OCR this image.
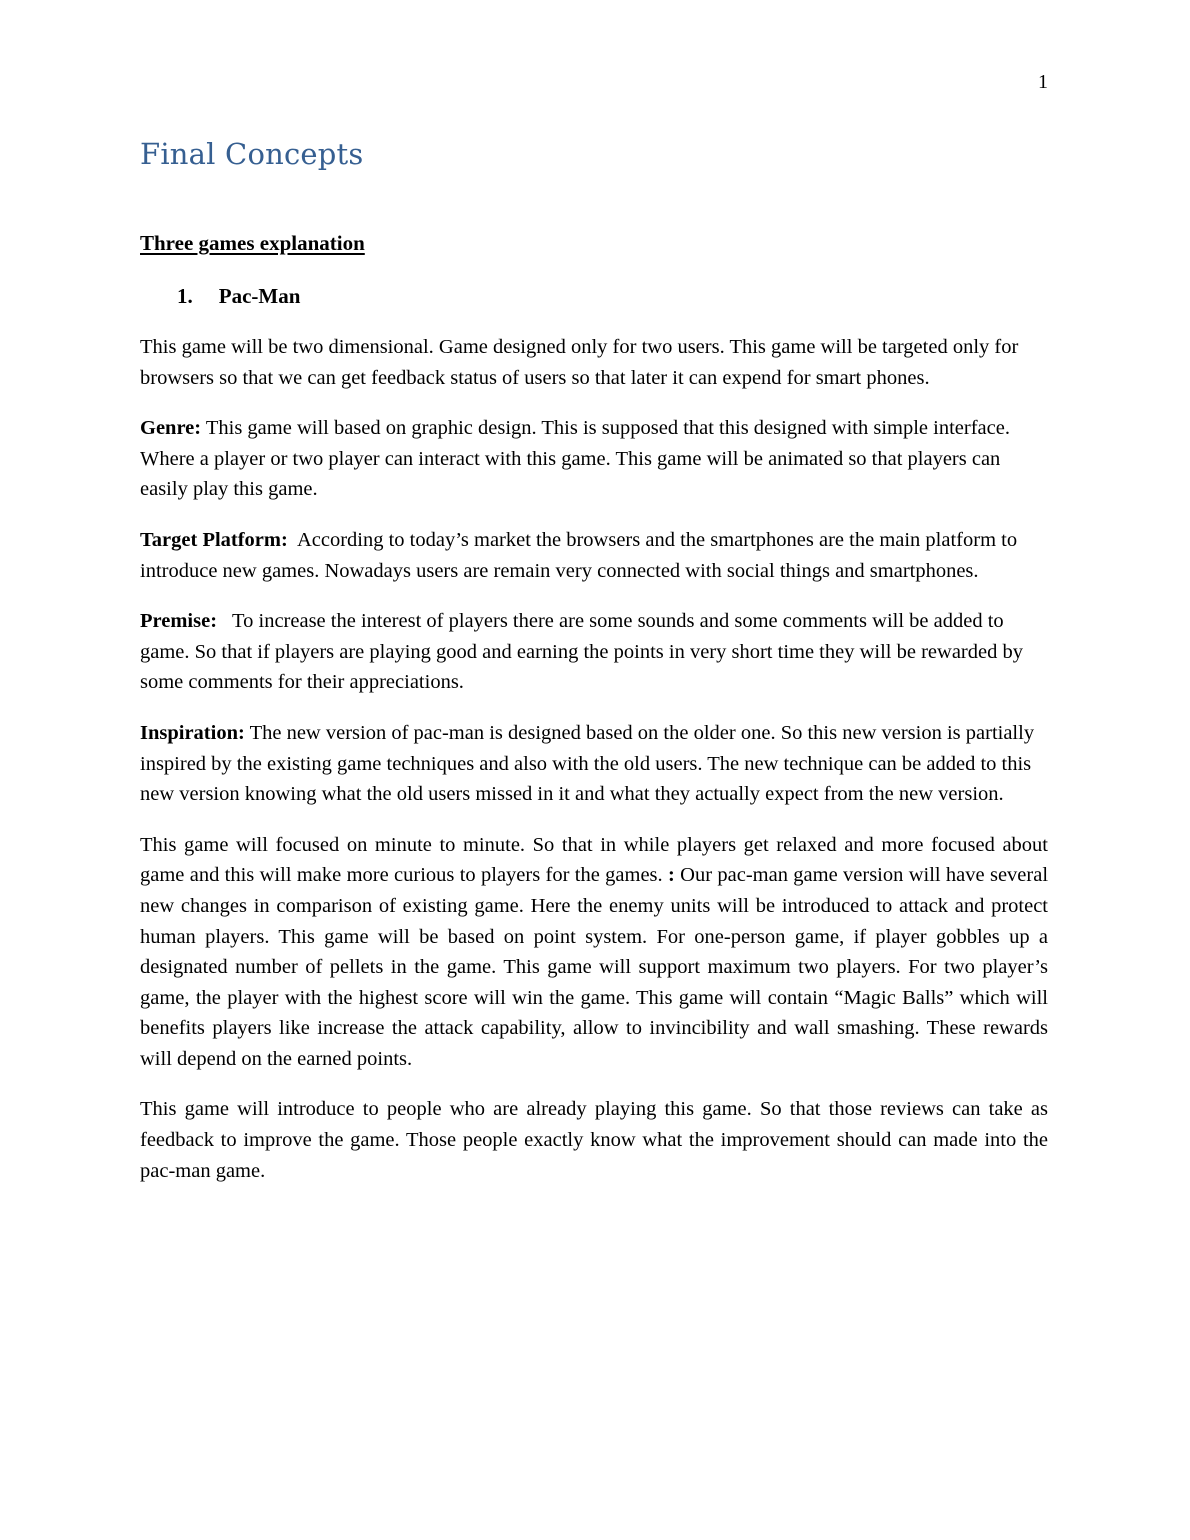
1
Final Concepts
Three games explanation
1. Pac-Man

This game will be two dimensional. Game designed only for two users. This game will be targeted only for browsers so that we can get feedback status of users so that later it can expend for smart phones.

Genre: This game will based on graphic design. This is supposed that this designed with simple interface. Where a player or two player can interact with this game. This game will be animated so that players can easily play this game.

Target Platform:  According to today’s market the browsers and the smartphones are the main platform to introduce new games. Nowadays users are remain very connected with social things and smartphones.

Premise:   To increase the interest of players there are some sounds and some comments will be added to game. So that if players are playing good and earning the points in very short time they will be rewarded by some comments for their appreciations.

Inspiration: The new version of pac-man is designed based on the older one. So this new version is partially inspired by the existing game techniques and also with the old users. The new technique can be added to this new version knowing what the old users missed in it and what they actually expect from the new version.

This game will focused on minute to minute. So that in while players get relaxed and more focused about game and this will make more curious to players for the games. : Our pac-man game version will have several new changes in comparison of existing game. Here the enemy units will be introduced to attack and protect human players. This game will be based on point system. For one-person game, if player gobbles up a designated number of pellets in the game. This game will support maximum two players. For two player’s game, the player with the highest score will win the game. This game will contain “Magic Balls” which will benefits players like increase the attack capability, allow to invincibility and wall smashing. These rewards will depend on the earned points.

This game will introduce to people who are already playing this game. So that those reviews can take as feedback to improve the game. Those people exactly know what the improvement should can made into the pac-man game.
